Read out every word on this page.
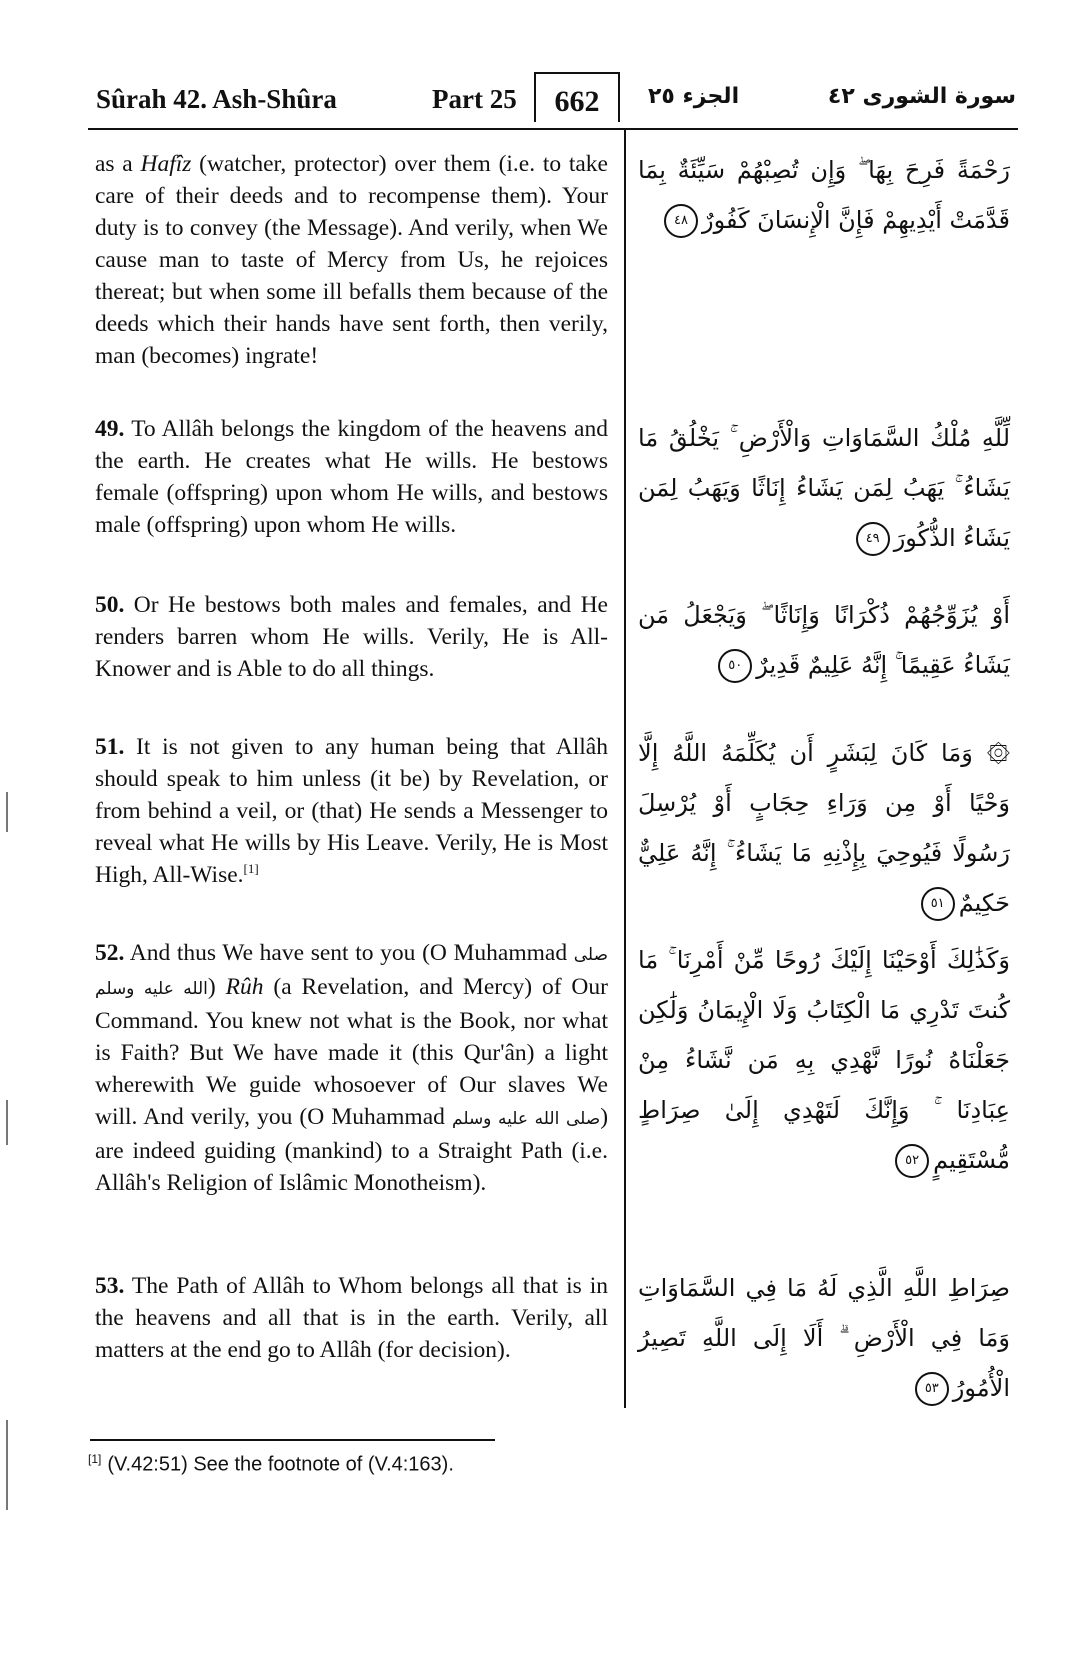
Sûrah 42. Ash-Shûra	Part 25	662	الجزء ٢٥	سورة الشورى ٤٢
as a Hafîz (watcher, protector) over them (i.e. to take care of their deeds and to recompense them). Your duty is to convey (the Message). And verily, when We cause man to taste of Mercy from Us, he rejoices thereat; but when some ill befalls them because of the deeds which their hands have sent forth, then verily, man (becomes) ingrate!
49. To Allâh belongs the kingdom of the heavens and the earth. He creates what He wills. He bestows female (offspring) upon whom He wills, and bestows male (offspring) upon whom He wills.
50. Or He bestows both males and females, and He renders barren whom He wills. Verily, He is All-Knower and is Able to do all things.
51. It is not given to any human being that Allâh should speak to him unless (it be) by Revelation, or from behind a veil, or (that) He sends a Messenger to reveal what He wills by His Leave. Verily, He is Most High, All-Wise.[1]
52. And thus We have sent to you (O Muhammad صلى الله عليه وسلم) Rûh (a Revelation, and Mercy) of Our Command. You knew not what is the Book, nor what is Faith? But We have made it (this Qur'ân) a light wherewith We guide whosoever of Our slaves We will. And verily, you (O Muhammad صلى الله عليه وسلم) are indeed guiding (mankind) to a Straight Path (i.e. Allâh's Religion of Islâmic Monotheism).
53. The Path of Allâh to Whom belongs all that is in the heavens and all that is in the earth. Verily, all matters at the end go to Allâh (for decision).
رَحْمَةً فَرِحَ بِهَا ۖ وَإِن تُصِبْهُمْ سَيِّئَةٌ بِمَا قَدَّمَتْ أَيْدِيهِمْ فَإِنَّ الْإِنسَانَ كَفُورٌ٤٨
لِّلَّهِ مُلْكُ السَّمَاوَاتِ وَالْأَرْضِ ۚ يَخْلُقُ مَا يَشَاءُ ۚ يَهَبُ لِمَن يَشَاءُ إِنَاثًا وَيَهَبُ لِمَن يَشَاءُ الذُّكُورَ٤٩
أَوْ يُزَوِّجُهُمْ ذُكْرَانًا وَإِنَاثًا ۖ وَيَجْعَلُ مَن يَشَاءُ عَقِيمًا ۚ إِنَّهُ عَلِيمٌ قَدِيرٌ٥٠
۞ وَمَا كَانَ لِبَشَرٍ أَن يُكَلِّمَهُ اللَّهُ إِلَّا وَحْيًا أَوْ مِن وَرَاءِ حِجَابٍ أَوْ يُرْسِلَ رَسُولًا فَيُوحِيَ بِإِذْنِهِ مَا يَشَاءُ ۚ إِنَّهُ عَلِيٌّ حَكِيمٌ٥١
وَكَذَٰلِكَ أَوْحَيْنَا إِلَيْكَ رُوحًا مِّنْ أَمْرِنَا ۚ مَا كُنتَ تَدْرِي مَا الْكِتَابُ وَلَا الْإِيمَانُ وَلَٰكِن جَعَلْنَاهُ نُورًا نَّهْدِي بِهِ مَن نَّشَاءُ مِنْ عِبَادِنَا ۚ وَإِنَّكَ لَتَهْدِي إِلَىٰ صِرَاطٍ مُّسْتَقِيمٍ٥٢
صِرَاطِ اللَّهِ الَّذِي لَهُ مَا فِي السَّمَاوَاتِ وَمَا فِي الْأَرْضِ ۗ أَلَا إِلَى اللَّهِ تَصِيرُ الْأُمُورُ٥٣
[1] (V.42:51) See the footnote of (V.4:163).
